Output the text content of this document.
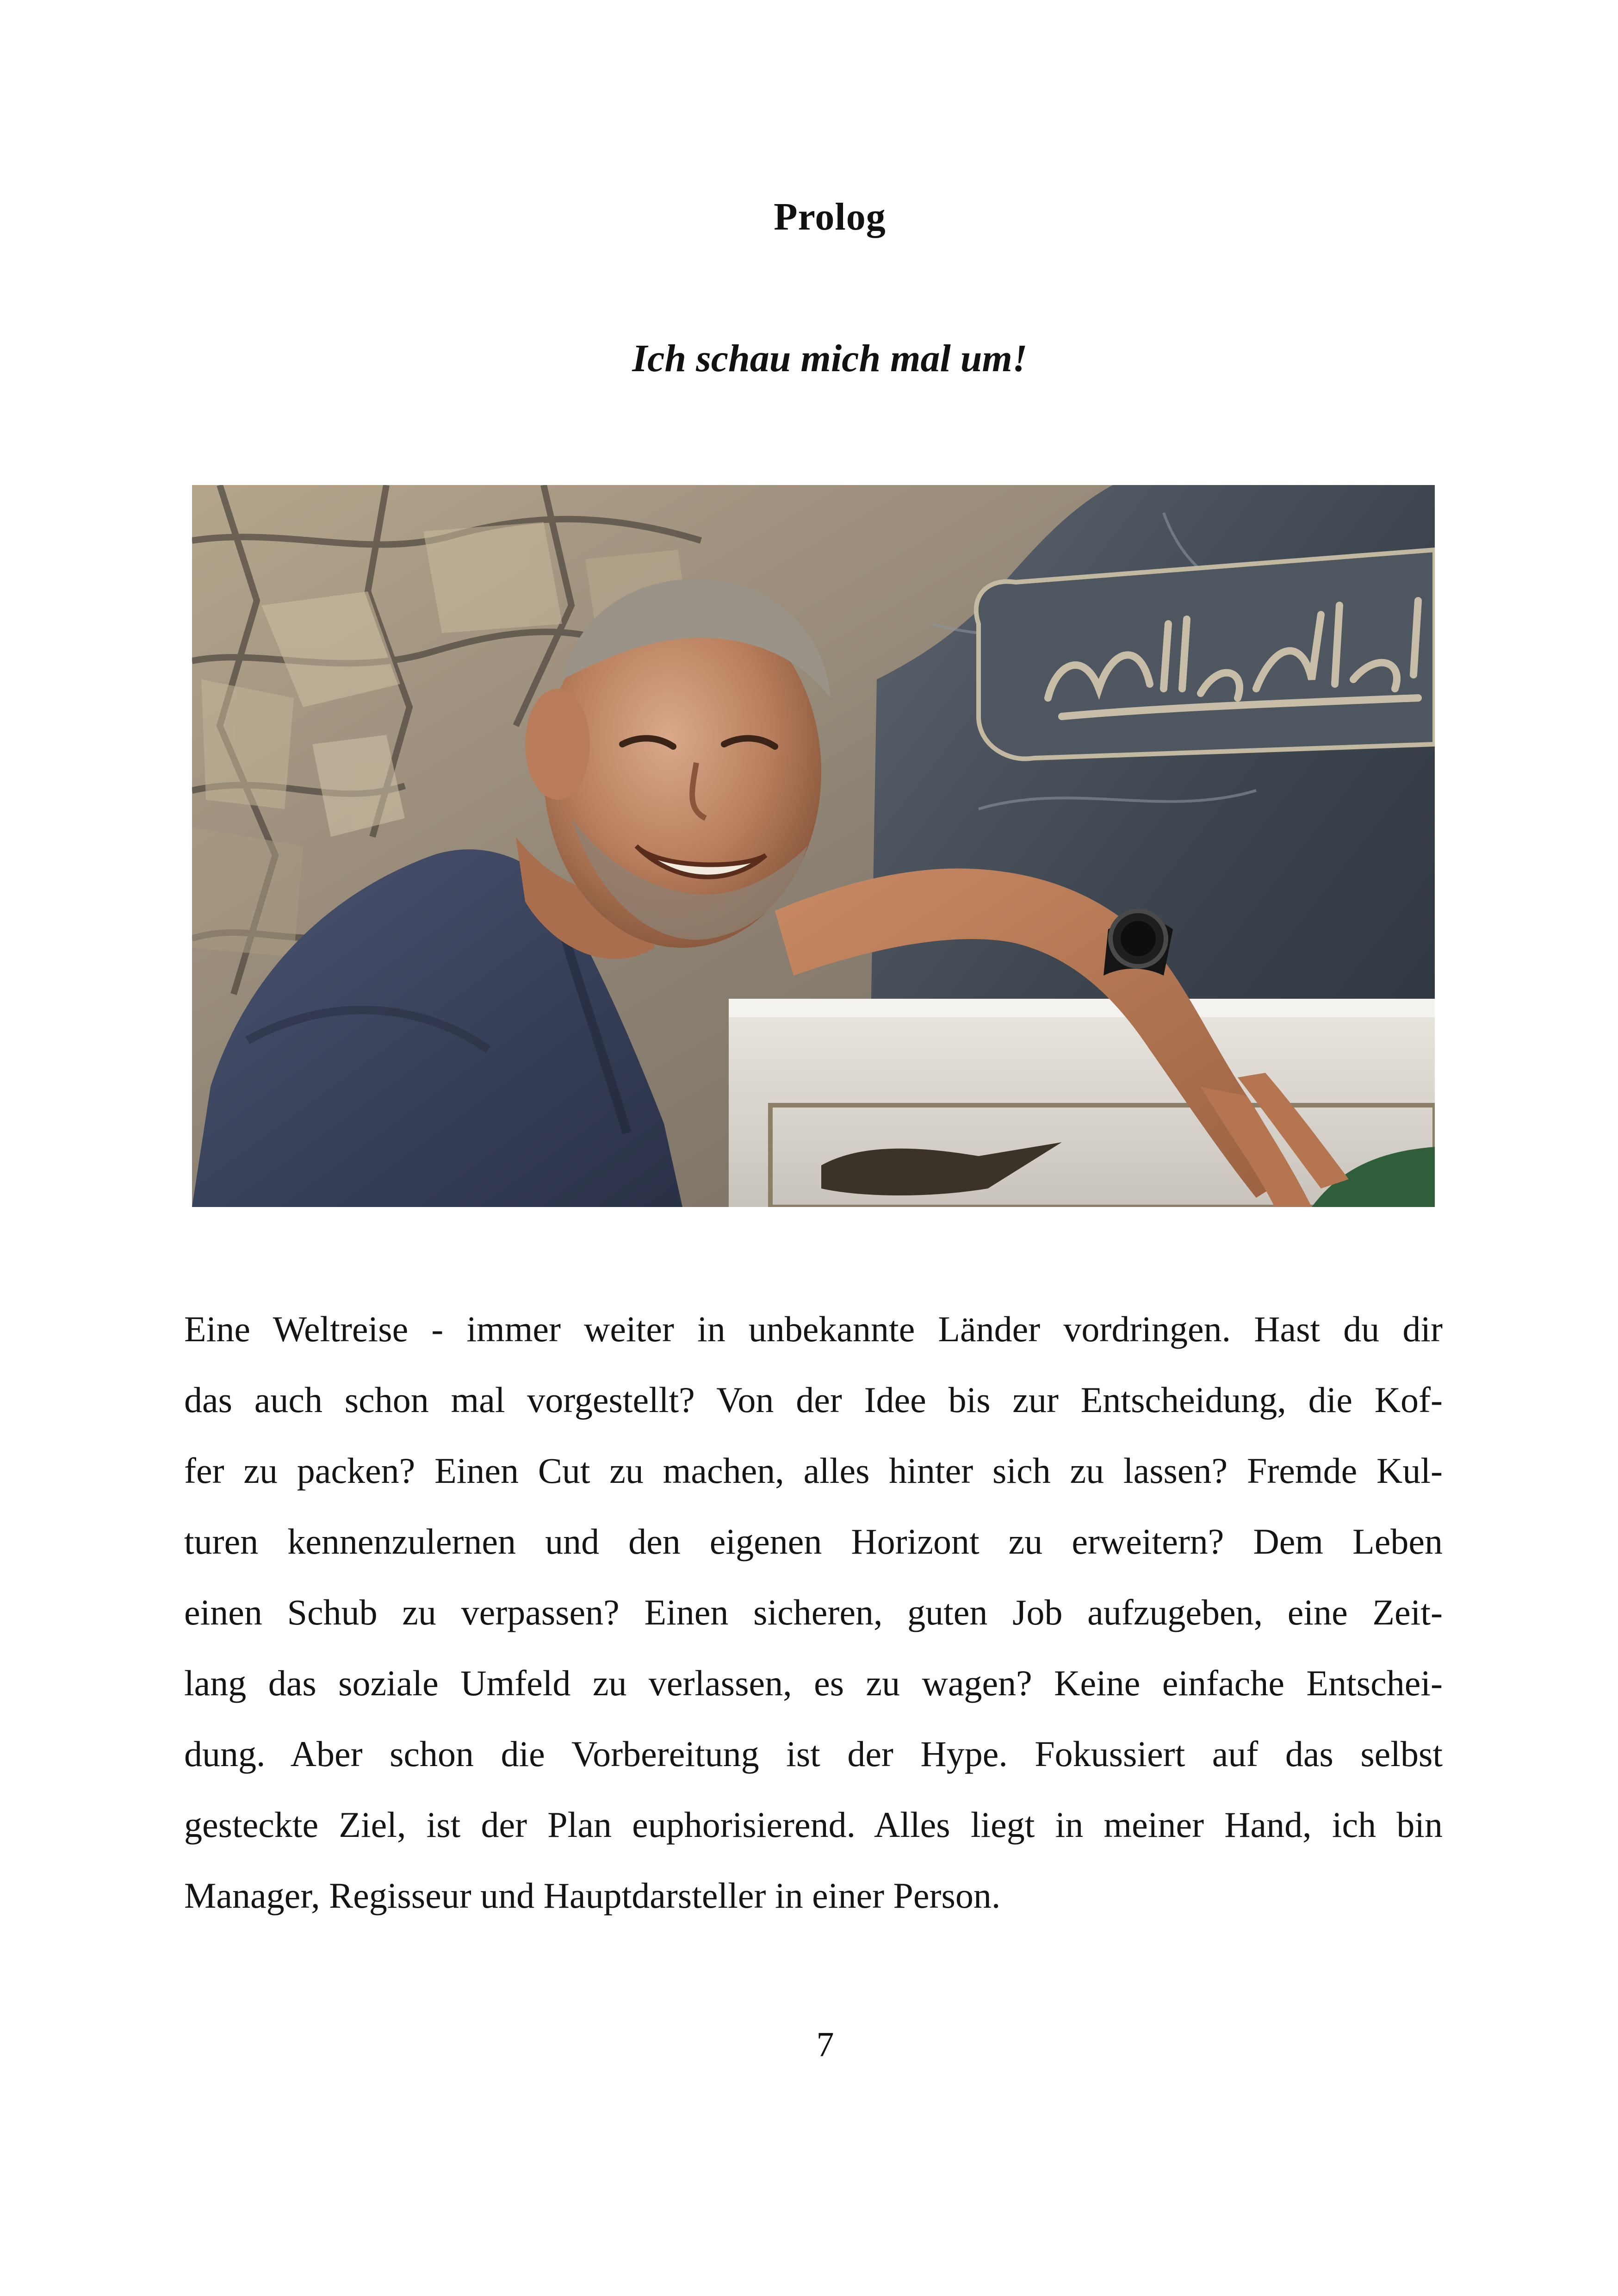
Prolog
Ich schau mich mal um!
Eine Weltreise - immer weiter in unbekannte Länder vordringen. Hast du dir
das auch schon mal vorgestellt? Von der Idee bis zur Entscheidung, die Kof-
fer zu packen? Einen Cut zu machen, alles hinter sich zu lassen? Fremde Kul-
turen kennenzulernen und den eigenen Horizont zu erweitern? Dem Leben
einen Schub zu verpassen? Einen sicheren, guten Job aufzugeben, eine Zeit-
lang das soziale Umfeld zu verlassen, es zu wagen? Keine einfache Entschei-
dung. Aber schon die Vorbereitung ist der Hype. Fokussiert auf das selbst
gesteckte Ziel, ist der Plan euphorisierend. Alles liegt in meiner Hand, ich bin
Manager, Regisseur und Hauptdarsteller in einer Person.

7
